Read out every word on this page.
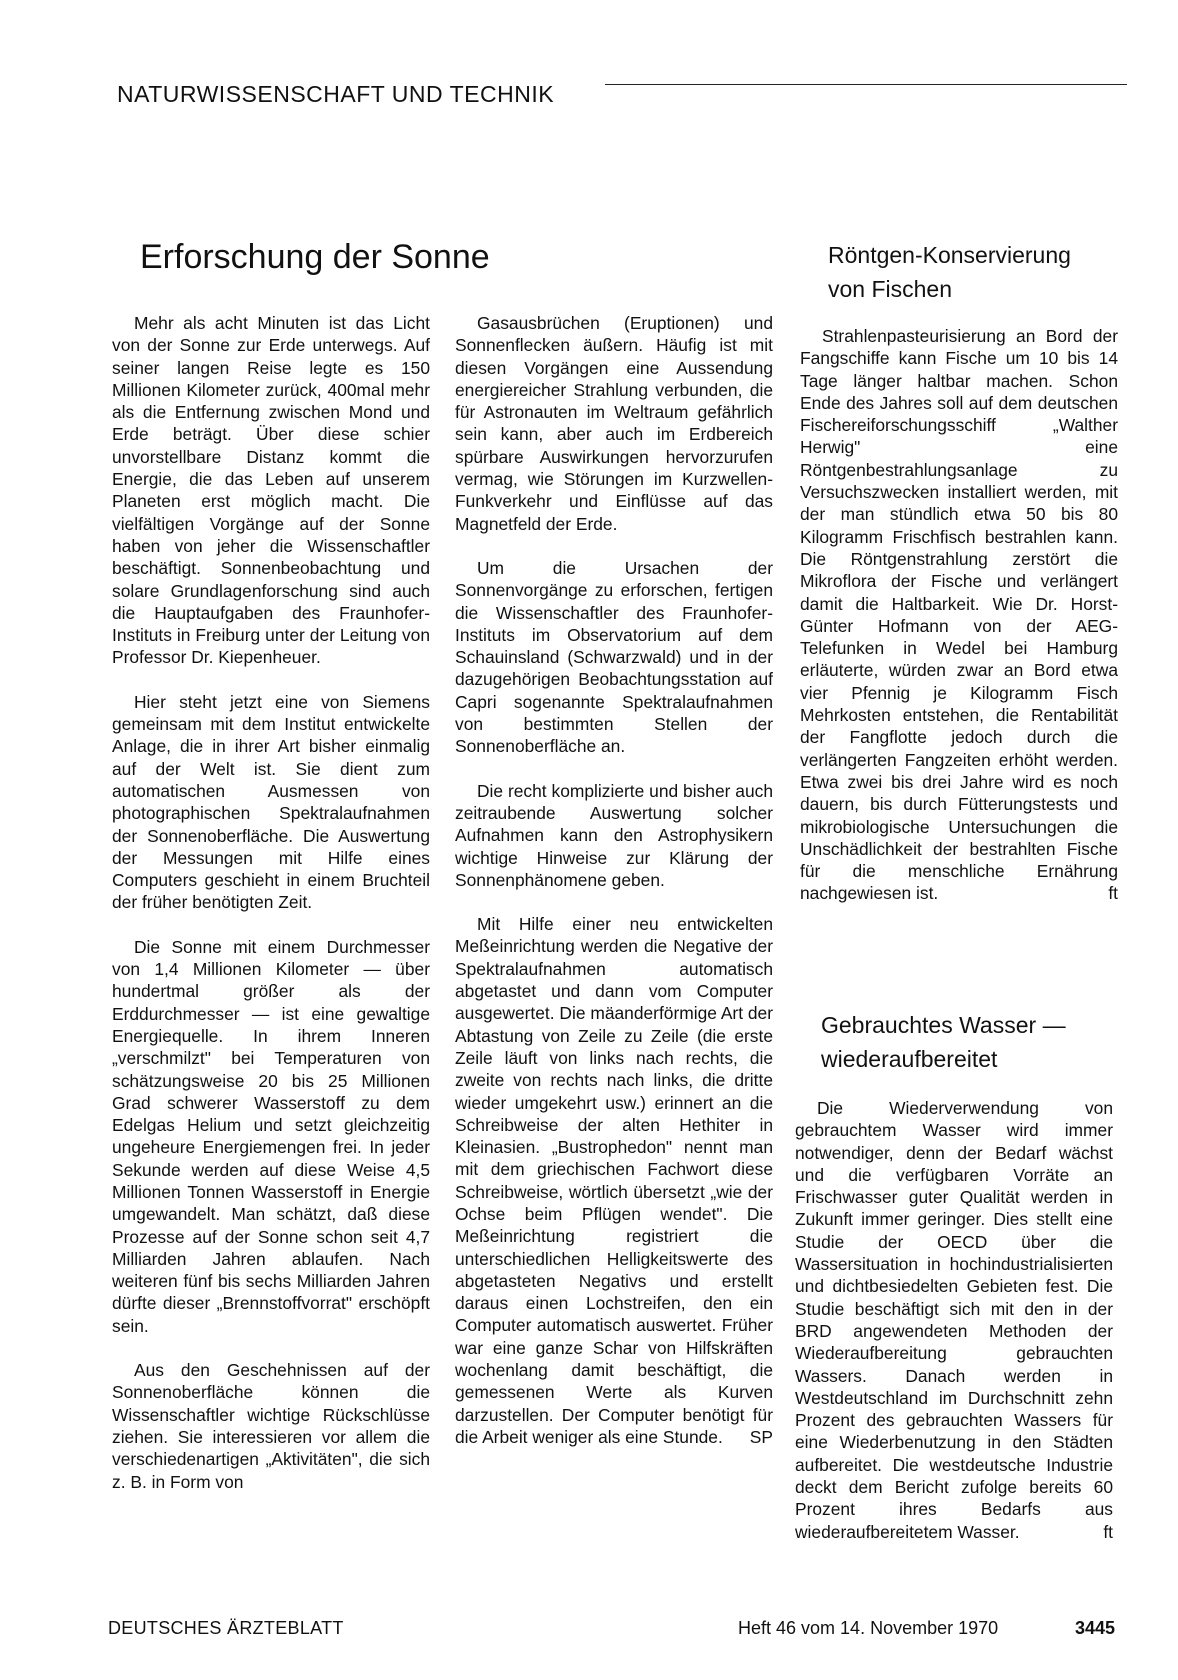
NATURWISSENSCHAFT UND TECHNIK
Erforschung der Sonne

Mehr als acht Minuten ist das Licht von der Sonne zur Erde unterwegs. Auf seiner langen Reise legte es 150 Millionen Kilometer zurück, 400mal mehr als die Entfernung zwischen Mond und Erde beträgt. Über diese schier unvorstellbare Distanz kommt die Energie, die das Leben auf unserem Planeten erst möglich macht. Die vielfältigen Vorgänge auf der Sonne haben von jeher die Wissenschaftler beschäftigt. Sonnenbeobachtung und solare Grundlagenforschung sind auch die Hauptaufgaben des Fraunhofer-Instituts in Freiburg unter der Leitung von Professor Dr. Kiepenheuer.

Hier steht jetzt eine von Siemens gemeinsam mit dem Institut entwickelte Anlage, die in ihrer Art bisher einmalig auf der Welt ist. Sie dient zum automatischen Ausmessen von photographischen Spektralaufnahmen der Sonnenoberfläche. Die Auswertung der Messungen mit Hilfe eines Computers geschieht in einem Bruchteil der früher benötigten Zeit.

Die Sonne mit einem Durchmesser von 1,4 Millionen Kilometer — über hundertmal größer als der Erddurchmesser — ist eine gewaltige Energiequelle. In ihrem Inneren „verschmilzt" bei Temperaturen von schätzungsweise 20 bis 25 Millionen Grad schwerer Wasserstoff zu dem Edelgas Helium und setzt gleichzeitig ungeheure Energiemengen frei. In jeder Sekunde werden auf diese Weise 4,5 Millionen Tonnen Wasserstoff in Energie umgewandelt. Man schätzt, daß diese Prozesse auf der Sonne schon seit 4,7 Milliarden Jahren ablaufen. Nach weiteren fünf bis sechs Milliarden Jahren dürfte dieser „Brennstoffvorrat" erschöpft sein.

Aus den Geschehnissen auf der Sonnenoberfläche können die Wissenschaftler wichtige Rückschlüsse ziehen. Sie interessieren vor allem die verschiedenartigen „Aktivitäten", die sich z. B. in Form von

Gasausbrüchen (Eruptionen) und Sonnenflecken äußern. Häufig ist mit diesen Vorgängen eine Aussendung energiereicher Strahlung verbunden, die für Astronauten im Weltraum gefährlich sein kann, aber auch im Erdbereich spürbare Auswirkungen hervorzurufen vermag, wie Störungen im Kurzwellen-Funkverkehr und Einflüsse auf das Magnetfeld der Erde.

Um die Ursachen der Sonnenvorgänge zu erforschen, fertigen die Wissenschaftler des Fraunhofer-Instituts im Observatorium auf dem Schauinsland (Schwarzwald) und in der dazugehörigen Beobachtungsstation auf Capri sogenannte Spektralaufnahmen von bestimmten Stellen der Sonnenoberfläche an.

Die recht komplizierte und bisher auch zeitraubende Auswertung solcher Aufnahmen kann den Astrophysikern wichtige Hinweise zur Klärung der Sonnenphänomene geben.

Mit Hilfe einer neu entwickelten Meßeinrichtung werden die Negative der Spektralaufnahmen automatisch abgetastet und dann vom Computer ausgewertet. Die mäanderförmige Art der Abtastung von Zeile zu Zeile (die erste Zeile läuft von links nach rechts, die zweite von rechts nach links, die dritte wieder umgekehrt usw.) erinnert an die Schreibweise der alten Hethiter in Kleinasien. „Bustrophedon" nennt man mit dem griechischen Fachwort diese Schreibweise, wörtlich übersetzt „wie der Ochse beim Pflügen wendet". Die Meßeinrichtung registriert die unterschiedlichen Helligkeitswerte des abgetasteten Negativs und erstellt daraus einen Lochstreifen, den ein Computer automatisch auswertet. Früher war eine ganze Schar von Hilfskräften wochenlang damit beschäftigt, die gemessenen Werte als Kurven darzustellen. Der Computer benötigt für die Arbeit weniger als eine Stunde. SP

Röntgen-Konservierung
von Fischen

Strahlenpasteurisierung an Bord der Fangschiffe kann Fische um 10 bis 14 Tage länger haltbar machen. Schon Ende des Jahres soll auf dem deutschen Fischereiforschungsschiff „Walther Herwig" eine Röntgenbestrahlungsanlage zu Versuchszwecken installiert werden, mit der man stündlich etwa 50 bis 80 Kilogramm Frischfisch bestrahlen kann. Die Röntgenstrahlung zerstört die Mikroflora der Fische und verlängert damit die Haltbarkeit. Wie Dr. Horst-Günter Hofmann von der AEG-Telefunken in Wedel bei Hamburg erläuterte, würden zwar an Bord etwa vier Pfennig je Kilogramm Fisch Mehrkosten entstehen, die Rentabilität der Fangflotte jedoch durch die verlängerten Fangzeiten erhöht werden. Etwa zwei bis drei Jahre wird es noch dauern, bis durch Fütterungstests und mikrobiologische Untersuchungen die Unschädlichkeit der bestrahlten Fische für die menschliche Ernährung nachgewiesen ist.	ft

Gebrauchtes Wasser —
wiederaufbereitet

Die Wiederverwendung von gebrauchtem Wasser wird immer notwendiger, denn der Bedarf wächst und die verfügbaren Vorräte an Frischwasser guter Qualität werden in Zukunft immer geringer. Dies stellt eine Studie der OECD über die Wassersituation in hochindustrialisierten und dichtbesiedelten Gebieten fest. Die Studie beschäftigt sich mit den in der BRD angewendeten Methoden der Wiederaufbereitung gebrauchten Wassers. Danach werden in Westdeutschland im Durchschnitt zehn Prozent des gebrauchten Wassers für eine Wiederbenutzung in den Städten aufbereitet. Die westdeutsche Industrie deckt dem Bericht zufolge bereits 60 Prozent ihres Bedarfs aus wiederaufbereitetem Wasser.	ft

DEUTSCHES ÄRZTEBLATT	Heft 46 vom 14. November 1970	3445
